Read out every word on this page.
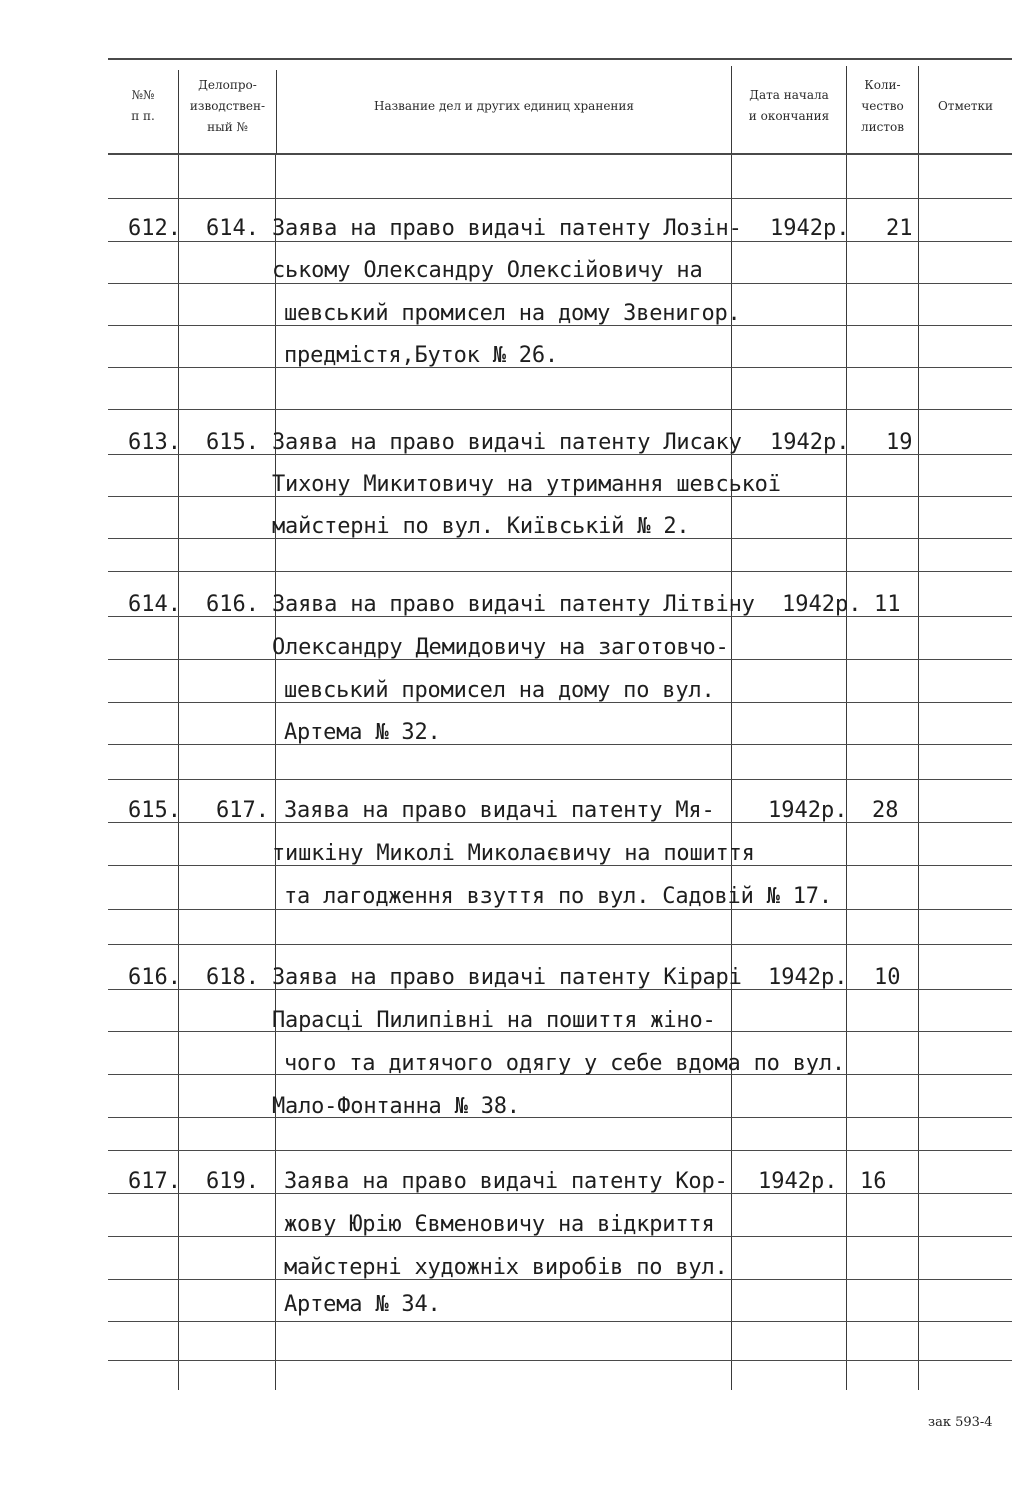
№№
п п.
Делопро-
изводствен-
ный №
Название дел и других единиц хранения
Дата начала
и окончания
Коли-
чество
листов
Отметки
612. 614. Заява на право видачі патенту Лозін-
ському Олександру Олексійовичу на
шевський промисел на дому Звенигор.
предмістя,Буток № 26.
1942р. 21
613. 615. Заява на право видачі патенту Лисаку
Тихону Микитовичу на утримання шевської
майстерні по вул. Київській № 2.
1942р. 19
614. 616. Заява на право видачі патенту Літвіну
Олександру Демидовичу на заготовчо-
шевський промисел на дому по вул.
Артема № 32.
1942р. 11
615. 617. Заява на право видачі патенту Мя-
тишкіну Миколі Миколаєвичу на пошиття
та лагодження взуття по вул. Садовій № 17.
1942р. 28
616. 618. Заява на право видачі патенту Кірарі
Парасці Пилипівні на пошиття жіно-
чого та дитячого одягу у себе вдома по вул.
Мало-Фонтанна № 38.
1942р. 10
617. 619. Заява на право видачі патенту Кор-
жову Юрію Євменовичу на відкриття
майстерні художніх виробів по вул.
Артема № 34.
1942р. 16
зак 593-4
